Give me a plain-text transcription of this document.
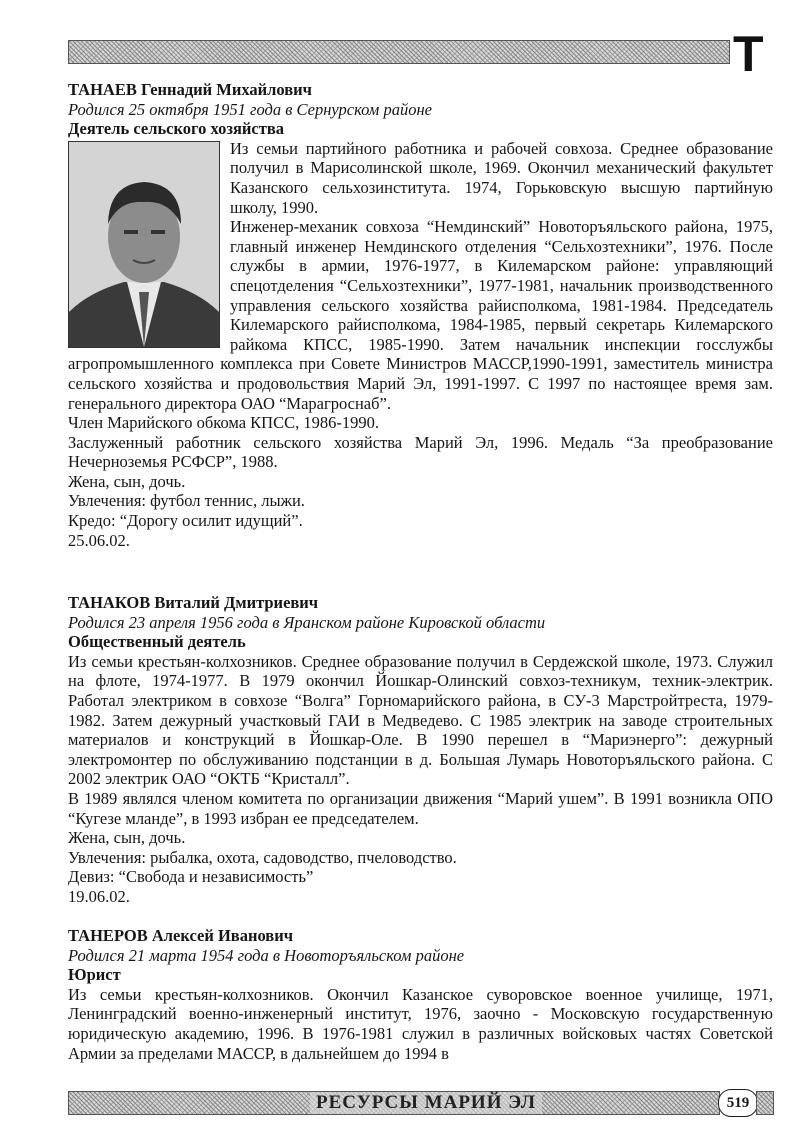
Т
ТАНАЕВ Геннадий Михайлович
Родился 25 октября 1951 года в Сернурском районе
Деятель сельского хозяйства
Из семьи партийного работника и рабочей совхоза. Среднее образование получил в Марисолинской школе, 1969. Окончил механический факультет Казанского сельхозинститута. 1974, Горьковскую высшую партийную школу, 1990.
Инженер-механик совхоза “Немдинский” Новоторъяльского района, 1975, главный инженер Немдинского отделения “Сельхозтехники”, 1976. После службы в армии, 1976-1977, в Килемарском районе: управляющий спецотделения “Сельхозтехники”, 1977-1981, начальник производственного управления сельского хозяйства райисполкома, 1981-1984. Председатель Килемарского райисполкома, 1984-1985, первый секретарь Килемарского райкома КПСС, 1985-1990. Затем начальник инспекции госслужбы агропромышленного комплекса при Совете Министров МАССР,1990-1991, заместитель министра сельского хозяйства и продовольствия Марий Эл, 1991-1997. С 1997 по настоящее время зам. генерального директора ОАО “Марагроснаб”.
Член Марийского обкома КПСС, 1986-1990.
Заслуженный работник сельского хозяйства Марий Эл, 1996. Медаль “За преобразование Нечерноземья РСФСР”, 1988.
Жена, сын, дочь.
Увлечения: футбол теннис, лыжи.
Кредо: “Дорогу осилит идущий”.
25.06.02.
ТАНАКОВ Виталий Дмитриевич
Родился 23 апреля 1956 года в Яранском районе Кировской области
Общественный деятель
Из семьи крестьян-колхозников. Среднее образование получил в Сердежской школе, 1973. Служил на флоте, 1974-1977. В 1979 окончил Йошкар-Олинский совхоз-техникум, техник-электрик. Работал электриком в совхозе “Волга” Горномарийского района, в СУ-3 Марстройтреста, 1979-1982. Затем дежурный участковый ГАИ в Медведево. С 1985 электрик на заводе строительных материалов и конструкций в Йошкар-Оле. В 1990 перешел в “Мариэнерго”: дежурный электромонтер по обслуживанию подстанции в д. Большая Лумарь Новоторъяльского района. С 2002 электрик ОАО “ОКТБ “Кристалл”.
В 1989 являлся членом комитета по организации движения “Марий ушем”. В 1991 возникла ОПО “Кугезе мланде”, в 1993 избран ее председателем.
Жена, сын, дочь.
Увлечения: рыбалка, охота, садоводство, пчеловодство.
Девиз: “Свобода и независимость”
19.06.02.
ТАНЕРОВ Алексей Иванович
Родился 21 марта 1954 года в Новоторъяльском районе
Юрист
Из семьи крестьян-колхозников. Окончил Казанское суворовское военное училище, 1971, Ленинградский военно-инженерный институт, 1976, заочно - Московскую государственную юридическую академию, 1996. В 1976-1981 служил в различных войсковых частях Советской Армии за пределами МАССР, в дальнейшем до 1994 в
РЕСУРСЫ МАРИЙ ЭЛ	519
